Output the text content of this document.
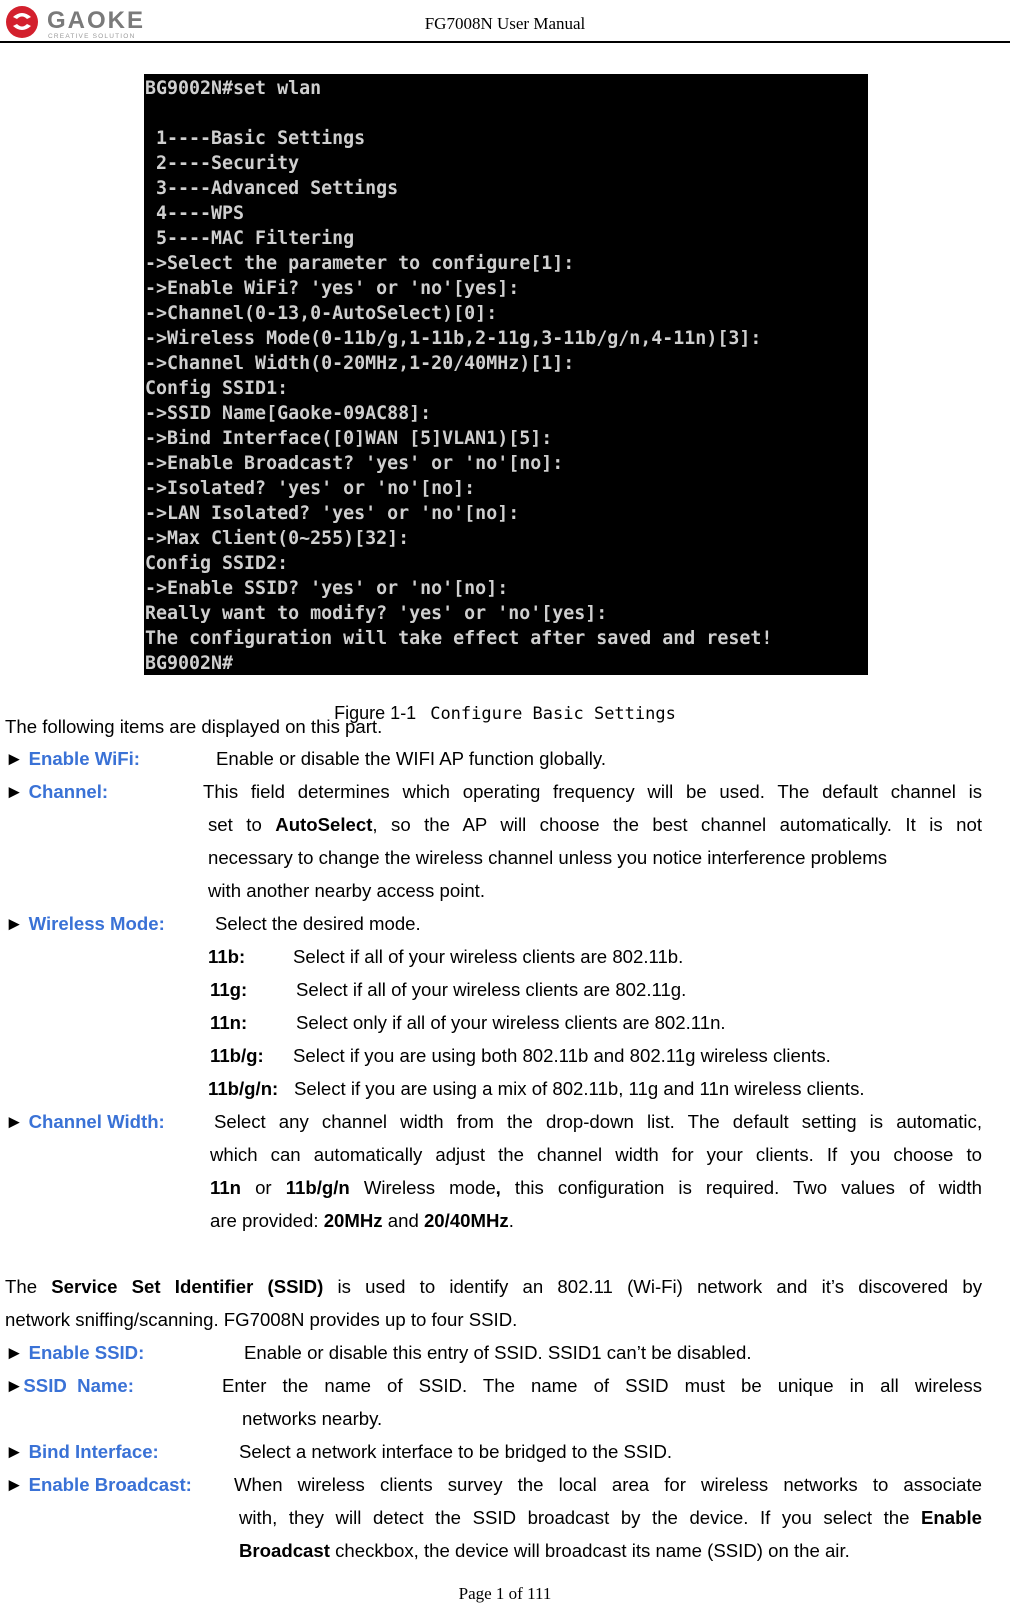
GAOKE
CREATIVE SOLUTION
FG7008N User Manual
BG9002N#set wlan
1----Basic Settings
2----Security
3----Advanced Settings
4----WPS
5----MAC Filtering
->Select the parameter to configure[1]:
->Enable WiFi? 'yes' or 'no'[yes]:
->Channel(0-13,0-AutoSelect)[0]:
->Wireless Mode(0-11b/g,1-11b,2-11g,3-11b/g/n,4-11n)[3]:
->Channel Width(0-20MHz,1-20/40MHz)[1]:
Config SSID1:
->SSID Name[Gaoke-09AC88]:
->Bind Interface([0]WAN [5]VLAN1)[5]:
->Enable Broadcast? 'yes' or 'no'[no]:
->Isolated? 'yes' or 'no'[no]:
->LAN Isolated? 'yes' or 'no'[no]:
->Max Client(0~255)[32]:
Config SSID2:
->Enable SSID? 'yes' or 'no'[no]:
Really want to modify? 'yes' or 'no'[yes]:
The configuration will take effect after saved and reset!
BG9002N#
Figure 1-1 Configure Basic Settings
The following items are displayed on this part.
► Enable WiFi:	Enable or disable the WIFI AP function globally.
► Channel:	This field determines which operating frequency will be used. The default channel is
set to AutoSelect, so the AP will choose the best channel automatically. It is not
necessary to change the wireless channel unless you notice interference problems
with another nearby access point.
► Wireless Mode:	Select the desired mode.
11b:	Select if all of your wireless clients are 802.11b.
11g:	Select if all of your wireless clients are 802.11g.
11n:	Select only if all of your wireless clients are 802.11n.
11b/g: Select if you are using both 802.11b and 802.11g wireless clients.
11b/g/n: Select if you are using a mix of 802.11b, 11g and 11n wireless clients.
► Channel Width:	Select any channel width from the drop-down list. The default setting is automatic,
which can automatically adjust the channel width for your clients. If you choose to
11n or 11b/g/n Wireless mode, this configuration is required. Two values of width
are provided: 20MHz and 20/40MHz.
The Service Set Identifier (SSID) is used to identify an 802.11 (Wi-Fi) network and it’s discovered by
network sniffing/scanning. FG7008N provides up to four SSID.
► Enable SSID:	Enable or disable this entry of SSID. SSID1 can’t be disabled.
►SSID  Name:	Enter the name of SSID. The name of SSID must be unique in all wireless
networks nearby.
► Bind Interface:	Select a network interface to be bridged to the SSID.
► Enable Broadcast: When wireless clients survey the local area for wireless networks to associate
with, they will detect the SSID broadcast by the device. If you select the Enable
Broadcast checkbox, the device will broadcast its name (SSID) on the air.
Page 1 of 111
